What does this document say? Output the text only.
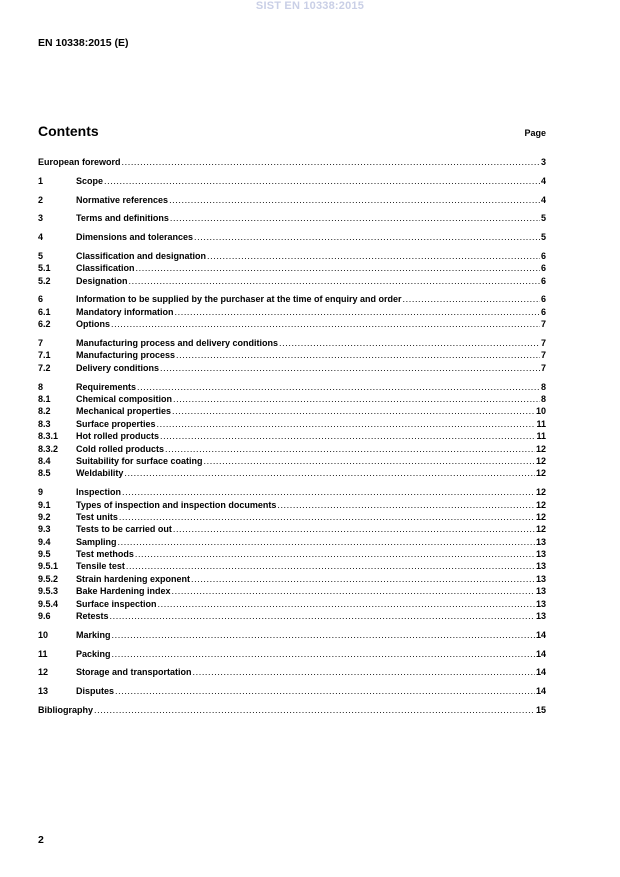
SIST EN 10338:2015
EN 10338:2015 (E)
Contents	Page
European foreword .....	3
1	Scope .....	4
2	Normative references .....	4
3	Terms and definitions .....	5
4	Dimensions and tolerances .....	5
5	Classification and designation .....	6
5.1	Classification .....	6
5.2	Designation .....	6
6	Information to be supplied by the purchaser at the time of enquiry and order .....	6
6.1	Mandatory information .....	6
6.2	Options .....	7
7	Manufacturing process and delivery conditions .....	7
7.1	Manufacturing process .....	7
7.2	Delivery conditions .....	7
8	Requirements .....	8
8.1	Chemical composition .....	8
8.2	Mechanical properties .....	10
8.3	Surface properties .....	11
8.3.1	Hot rolled products .....	11
8.3.2	Cold rolled products .....	12
8.4	Suitability for surface coating .....	12
8.5	Weldability .....	12
9	Inspection .....	12
9.1	Types of inspection and inspection documents .....	12
9.2	Test units .....	12
9.3	Tests to be carried out .....	12
9.4	Sampling .....	13
9.5	Test methods .....	13
9.5.1	Tensile test .....	13
9.5.2	Strain hardening exponent .....	13
9.5.3	Bake Hardening index .....	13
9.5.4	Surface inspection .....	13
9.6	Retests .....	13
10	Marking .....	14
11	Packing .....	14
12	Storage and transportation .....	14
13	Disputes .....	14
Bibliography .....	15
2
